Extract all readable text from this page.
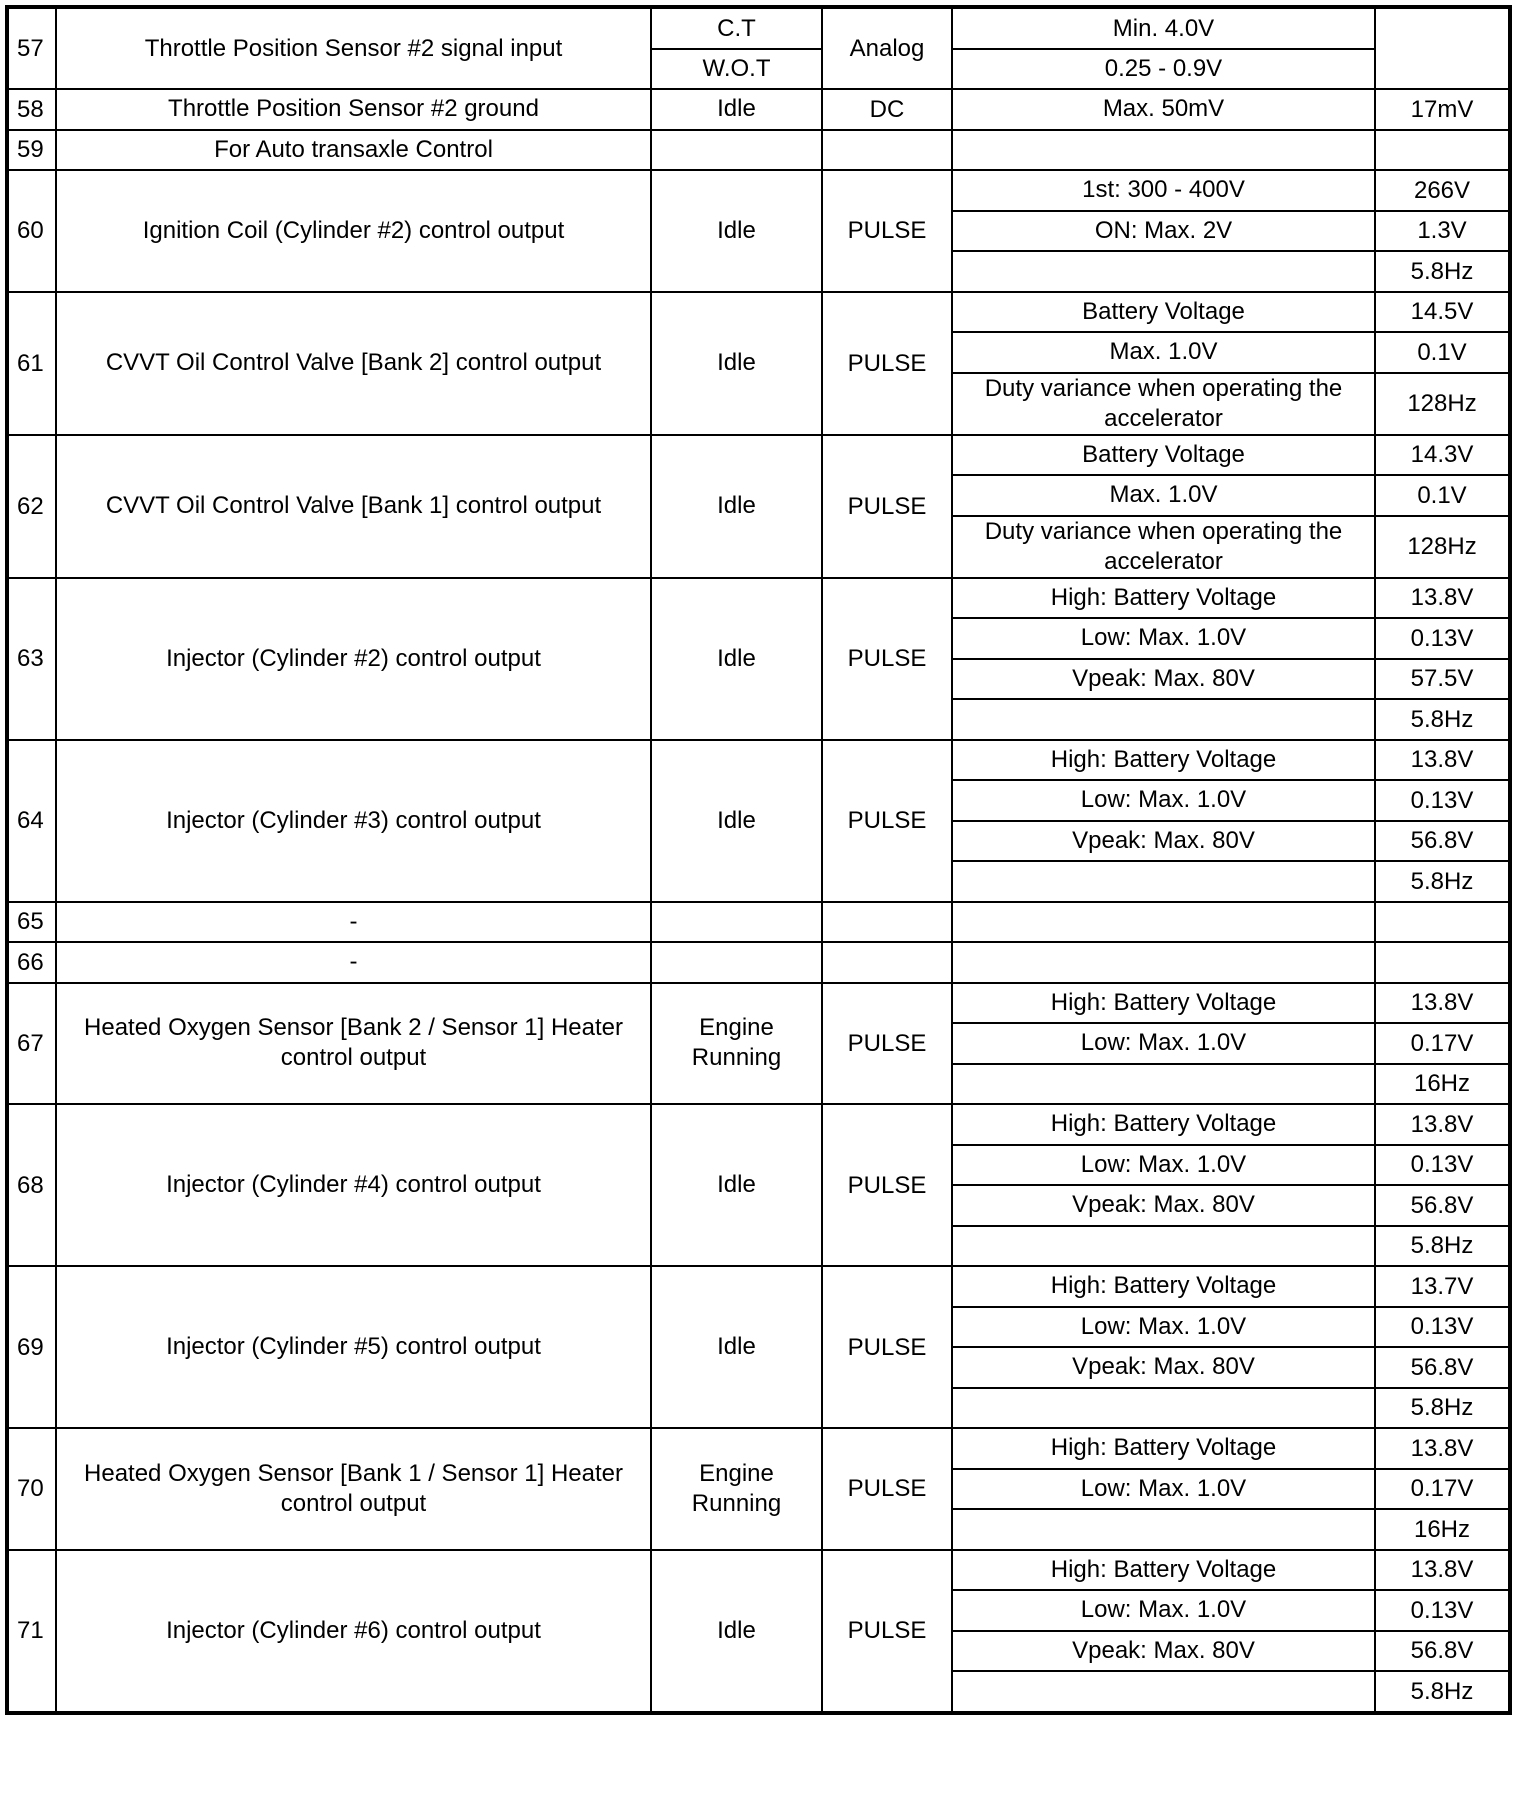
57	Throttle Position Sensor #2 signal input	C.T	Analog	Min. 4.0V	
		W.O.T		0.25 - 0.9V	
58	Throttle Position Sensor #2 ground	Idle	DC	Max. 50mV	17mV
59	For Auto transaxle Control				
60	Ignition Coil (Cylinder #2) control output	Idle	PULSE	1st: 300 - 400V	266V
				ON: Max. 2V	1.3V
					5.8Hz
61	CVVT Oil Control Valve [Bank 2] control output	Idle	PULSE	Battery Voltage	14.5V
				Max. 1.0V	0.1V
				Duty variance when operating the accelerator	128Hz

62	CVVT Oil Control Valve [Bank 1] control output	Idle	PULSE	Battery Voltage	14.3V
				Max. 1.0V	0.1V
				Duty variance when operating the accelerator	128Hz

63	Injector (Cylinder #2) control output	Idle	PULSE	High: Battery Voltage	13.8V
				Low: Max. 1.0V	0.13V
				Vpeak: Max. 80V	57.5V
					5.8Hz
64	Injector (Cylinder #3) control output	Idle	PULSE	High: Battery Voltage	13.8V
				Low: Max. 1.0V	0.13V
				Vpeak: Max. 80V	56.8V
					5.8Hz
65	-				
66	-				
67	Heated Oxygen Sensor [Bank 2 / Sensor 1] Heater control output	Engine Running	PULSE	High: Battery Voltage	13.8V
				Low: Max. 1.0V	0.17V
					16Hz
68	Injector (Cylinder #4) control output	Idle	PULSE	High: Battery Voltage	13.8V
				Low: Max. 1.0V	0.13V
				Vpeak: Max. 80V	56.8V
					5.8Hz
69	Injector (Cylinder #5) control output	Idle	PULSE	High: Battery Voltage	13.7V
				Low: Max. 1.0V	0.13V
				Vpeak: Max. 80V	56.8V
					5.8Hz
70	Heated Oxygen Sensor [Bank 1 / Sensor 1] Heater control output	Engine Running	PULSE	High: Battery Voltage	13.8V
				Low: Max. 1.0V	0.17V
					16Hz
71	Injector (Cylinder #6) control output	Idle	PULSE	High: Battery Voltage	13.8V
				Low: Max. 1.0V	0.13V
				Vpeak: Max. 80V	56.8V
					5.8Hz
